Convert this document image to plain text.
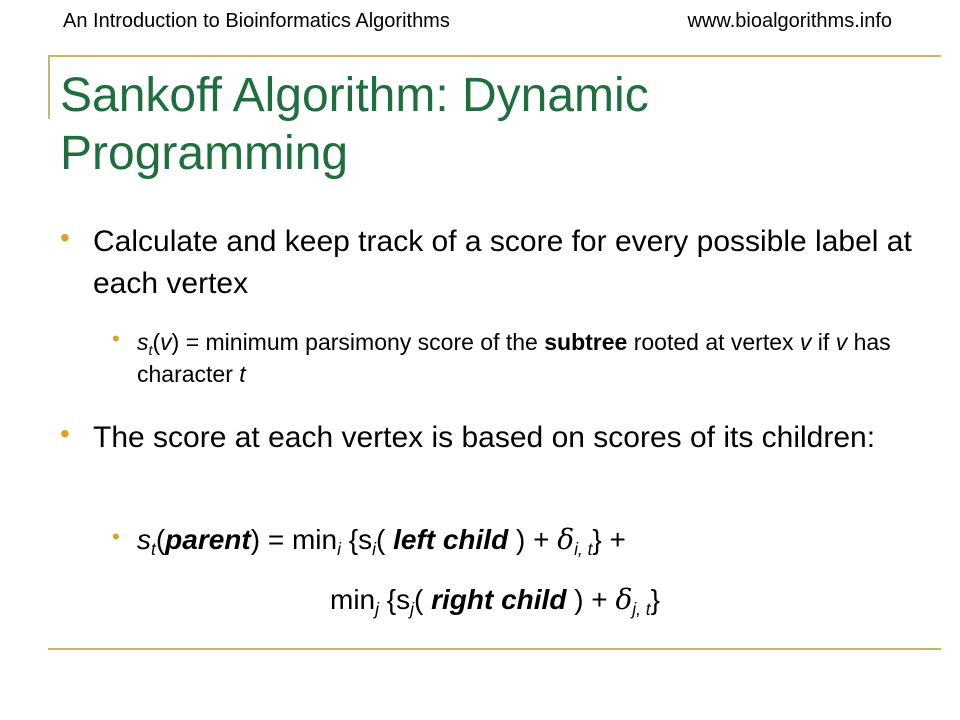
An Introduction to Bioinformatics Algorithms	www.bioalgorithms.info
Sankoff Algorithm: Dynamic Programming
• Calculate and keep track of a score for every possible label at each vertex
• $s_t(v)$ = minimum parsimony score of the subtree rooted at vertex v if v has character t
• The score at each vertex is based on scores of its children:
• $s_t(parent) = \min_i \{s_i$( left child ) + $\delta_{i, t}$} +
$\min_j \{s_j$( right child ) + $\delta_{j, t}$}
